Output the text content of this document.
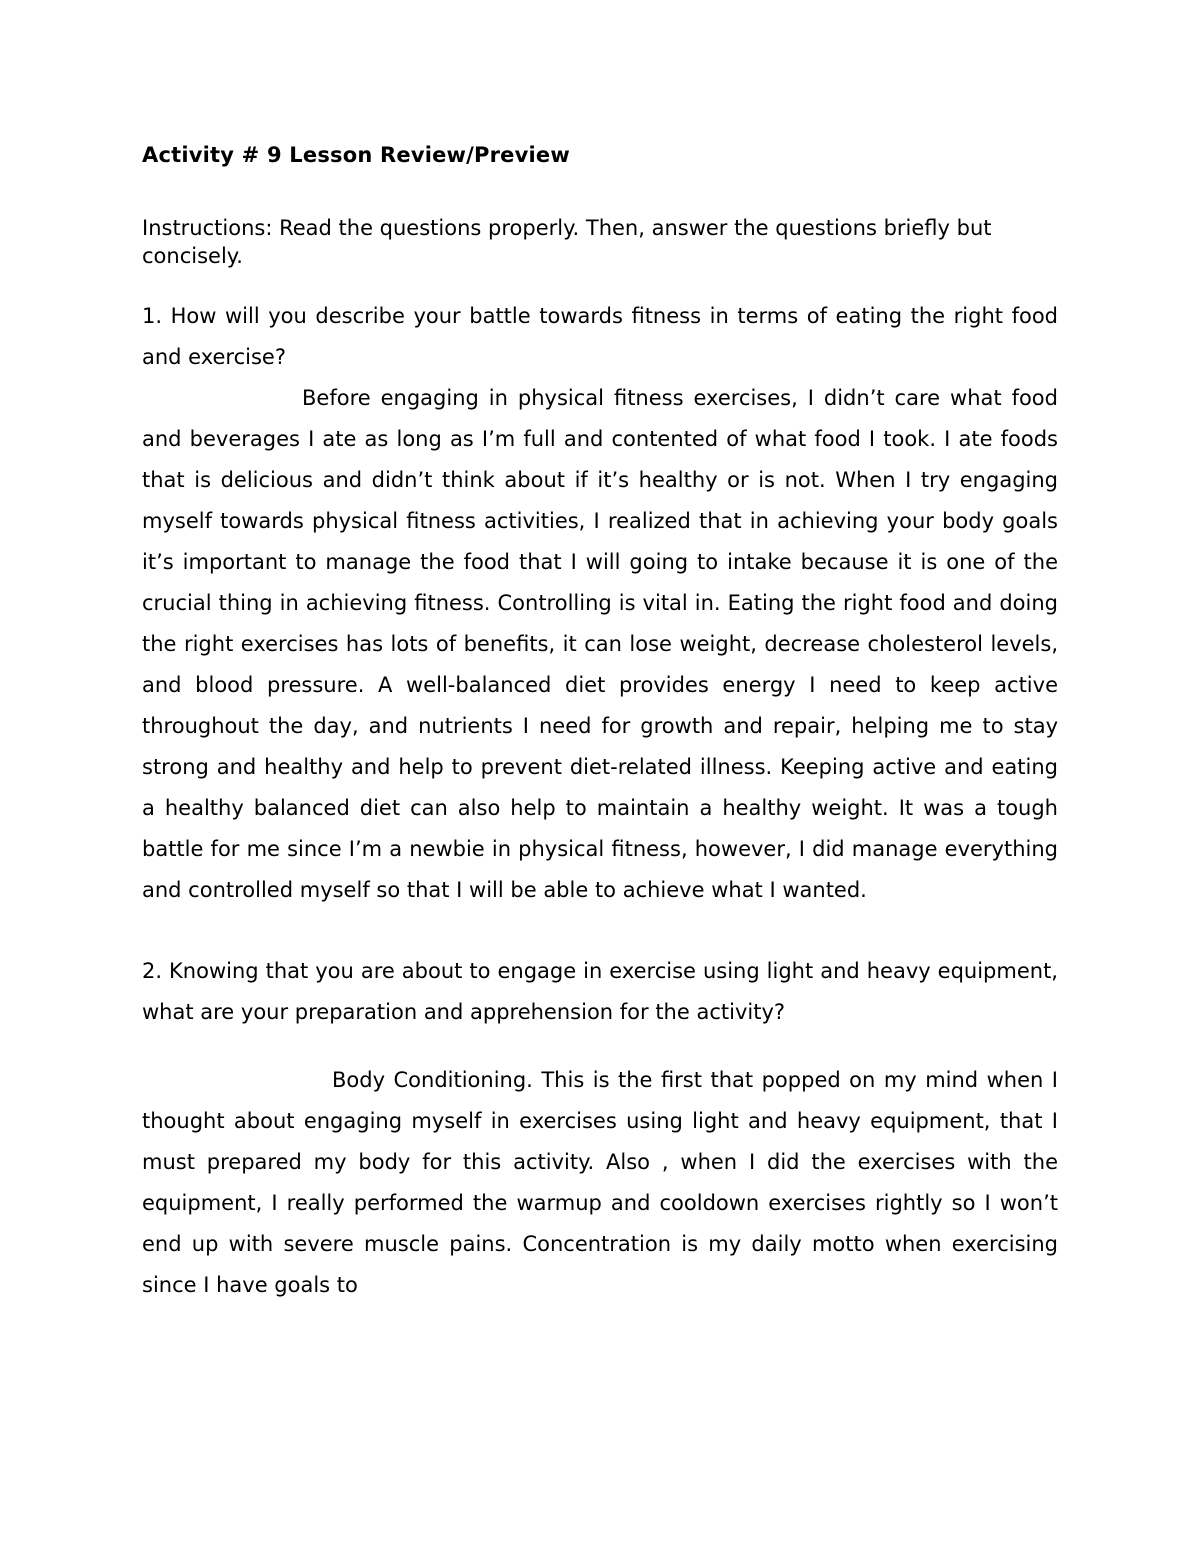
Activity # 9 Lesson Review/Preview

Instructions: Read the questions properly. Then, answer the questions briefly but concisely.

1. How will you describe your battle towards fitness in terms of eating the right food and exercise?

Before engaging in physical fitness exercises, I didn’t care what food and beverages I ate as long as I’m full and contented of what food I took. I ate foods that is delicious and didn’t think about if it’s healthy or is not. When I try engaging myself towards physical fitness activities, I realized that in achieving your body goals it’s important to manage the food that I will going to intake because it is one of the crucial thing in achieving fitness. Controlling is vital in. Eating the right food and doing the right exercises has lots of benefits, it can lose weight, decrease cholesterol levels, and blood pressure. A well-balanced diet provides energy I need to keep active throughout the day, and nutrients I need for growth and repair, helping me to stay strong and healthy and help to prevent diet-related illness. Keeping active and eating a healthy balanced diet can also help to maintain a healthy weight. It was a tough battle for me since I’m a newbie in physical fitness, however, I did manage everything and controlled myself so that I will be able to achieve what I wanted.

2. Knowing that you are about to engage in exercise using light and heavy equipment, what are your preparation and apprehension for the activity?

Body Conditioning. This is the first that popped on my mind when I thought about engaging myself in exercises using light and heavy equipment, that I must prepared my body for this activity. Also , when I did the exercises with the equipment, I really performed the warmup and cooldown exercises rightly so I won’t end up with severe muscle pains. Concentration is my daily motto when exercising since I have goals to
